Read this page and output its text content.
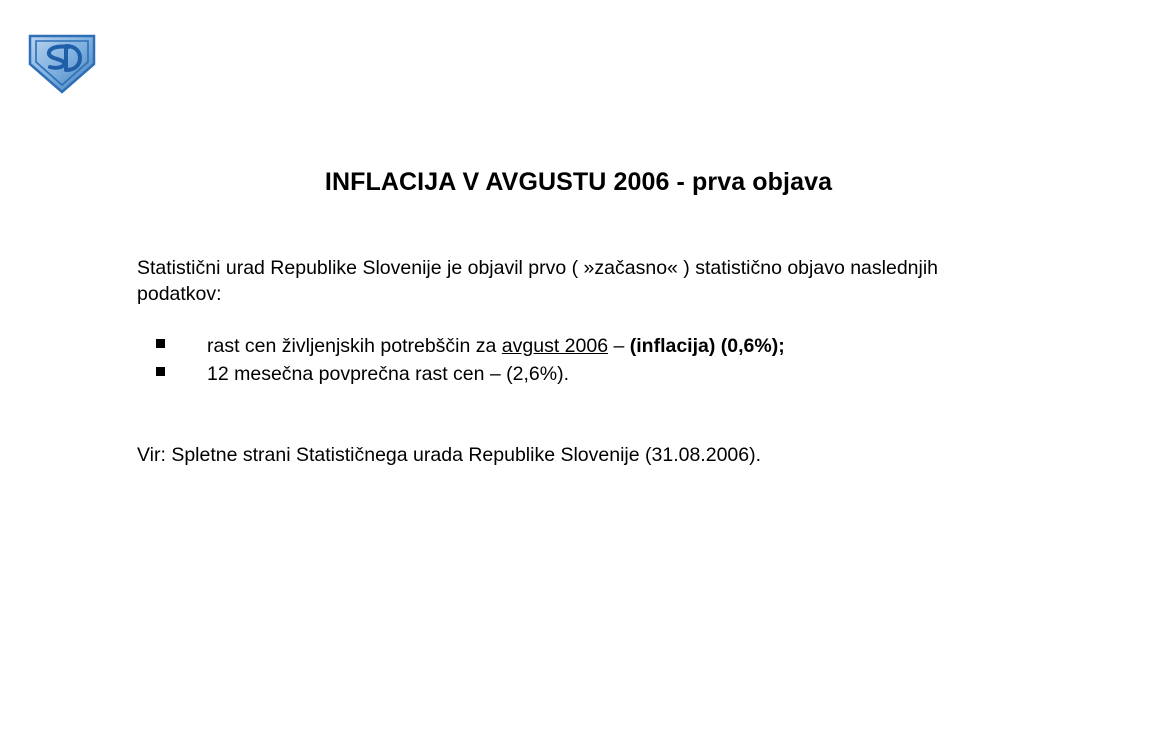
INFLACIJA V AVGUSTU 2006 - prva objava
Statistični urad Republike Slovenije je objavil prvo ( »začasno« ) statistično objavo naslednjih podatkov:
rast cen življenjskih potrebščin za avgust 2006 – (inflacija) (0,6%);
12 mesečna povprečna rast cen – (2,6%).
Vir: Spletne strani Statističnega urada Republike Slovenije (31.08.2006).
